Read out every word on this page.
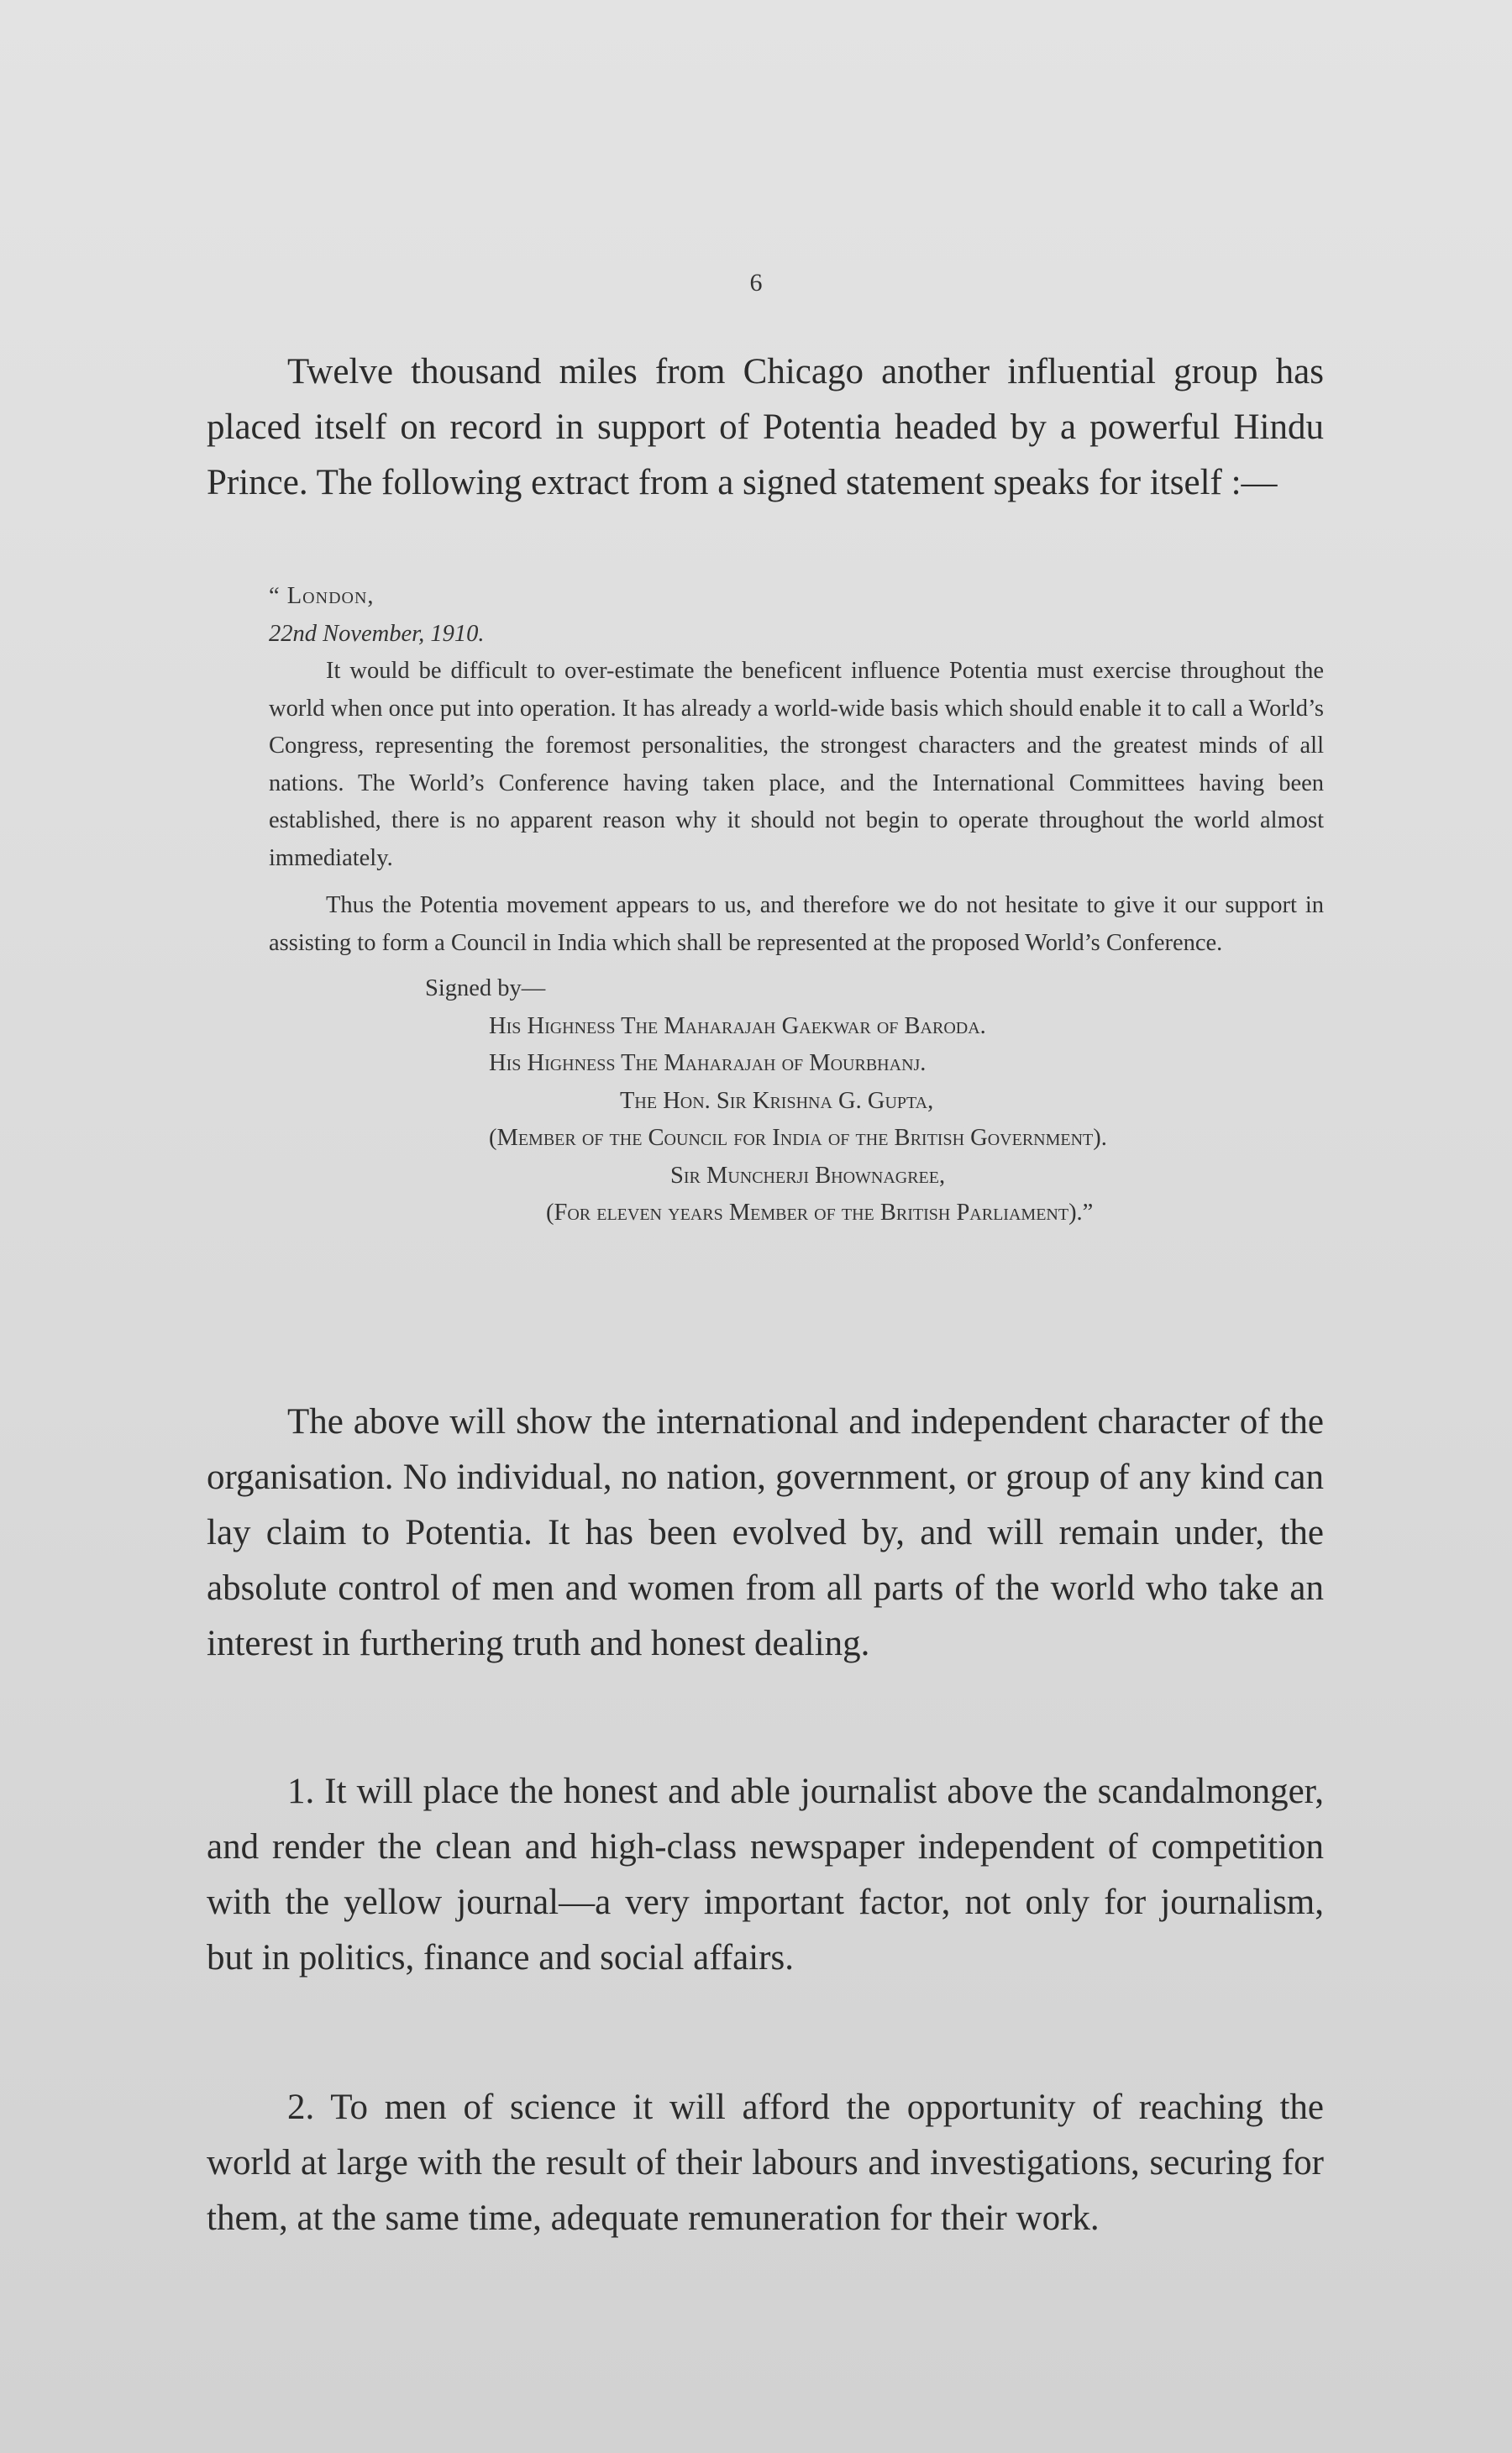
6

Twelve thousand miles from Chicago another influential group has placed itself on record in support of Potentia headed by a powerful Hindu Prince. The following extract from a signed statement speaks for itself :—

“ London,

22nd November, 1910.

It would be difficult to over-estimate the beneficent influence Potentia must exercise throughout the world when once put into operation. It has already a world-wide basis which should enable it to call a World’s Congress, representing the foremost personalities, the strongest characters and the greatest minds of all nations. The World’s Conference having taken place, and the International Committees having been established, there is no apparent reason why it should not begin to operate throughout the world almost immediately.

Thus the Potentia movement appears to us, and therefore we do not hesitate to give it our support in assisting to form a Council in India which shall be represented at the proposed World’s Conference.

Signed by—

His Highness The Maharajah Gaekwar of Baroda.

His Highness The Maharajah of Mourbhanj.

The Hon. Sir Krishna G. Gupta,

(Member of the Council for India of the British Government).

Sir Muncherji Bhownagree,

(For eleven years Member of the British Parliament).”

The above will show the international and independent character of the organisation. No individual, no nation, government, or group of any kind can lay claim to Potentia. It has been evolved by, and will remain under, the absolute control of men and women from all parts of the world who take an interest in furthering truth and honest dealing.

1. It will place the honest and able journalist above the scandalmonger, and render the clean and high-class newspaper independent of competition with the yellow journal—a very important factor, not only for journalism, but in politics, finance and social affairs.

2. To men of science it will afford the opportunity of reaching the world at large with the result of their labours and investigations, securing for them, at the same time, adequate remuneration for their work.
